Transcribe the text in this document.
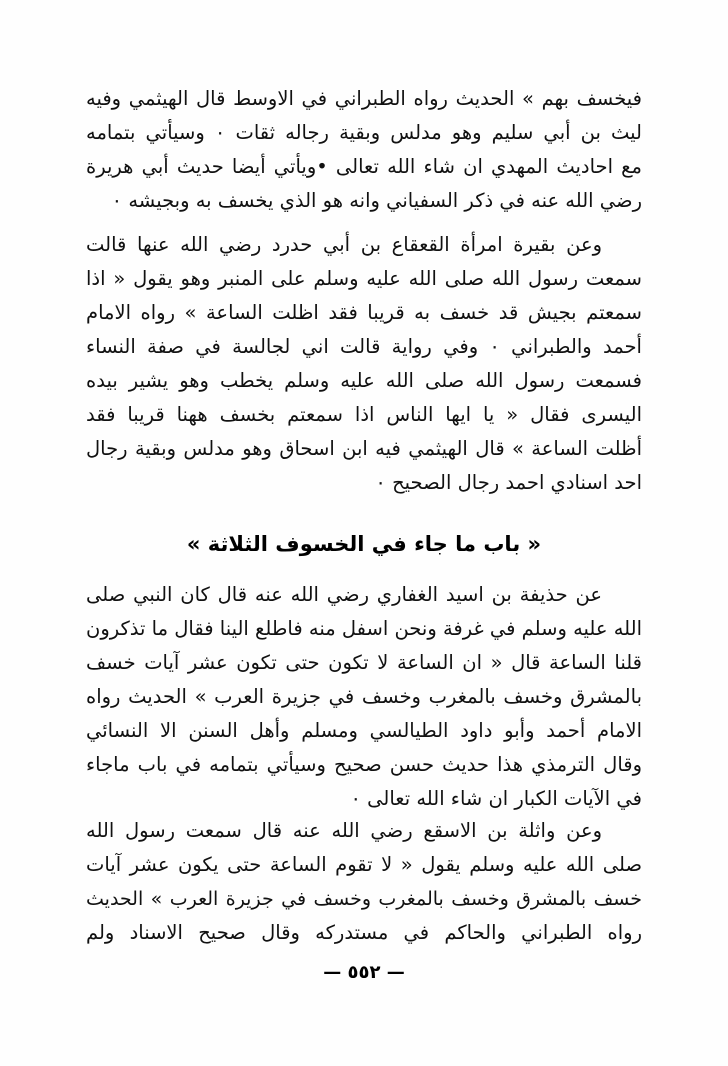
فيخسف بهم » الحديث رواه الطبراني في الاوسط قال الهيثمي وفيه
ليث بن أبي سليم وهو مدلس وبقية رجاله ثقات ٠ وسيأتي بتمامه
مع احاديث المهدي ان شاء الله تعالى •ويأتي أيضا حديث أبي هريرة
رضي الله عنه في ذكر السفياني وانه هو الذي يخسف به وبجيشه ٠
وعن بقيرة امرأة القعقاع بن أبي حدرد رضي الله عنها قالت
سمعت رسول الله صلى الله عليه وسلم على المنبر وهو يقول « اذا
سمعتم بجيش قد خسف به قريبا فقد اظلت الساعة » رواه الامام
أحمد والطبراني ٠ وفي رواية قالت اني لجالسة في صفة النساء
فسمعت رسول الله صلى الله عليه وسلم يخطب وهو يشير بيده
اليسرى فقال « يا ايها الناس اذا سمعتم بخسف ههنا قريبا فقد
أظلت الساعة » قال الهيثمي فيه ابن اسحاق وهو مدلس وبقية رجال
احد اسنادي احمد رجال الصحيح ٠
« باب ما جاء في الخسوف الثلاثة »
عن حذيفة بن اسيد الغفاري رضي الله عنه قال كان النبي صلى
الله عليه وسلم في غرفة ونحن اسفل منه فاطلع الينا فقال ما تذكرون
قلنا الساعة قال « ان الساعة لا تكون حتى تكون عشر آيات خسف
بالمشرق وخسف بالمغرب وخسف في جزيرة العرب » الحديث رواه
الامام أحمد وأبو داود الطيالسي ومسلم وأهل السنن الا النسائي
وقال الترمذي هذا حديث حسن صحيح وسيأتي بتمامه في باب ماجاء
في الآيات الكبار ان شاء الله تعالى ٠
وعن واثلة بن الاسقع رضي الله عنه قال سمعت رسول الله
صلى الله عليه وسلم يقول « لا تقوم الساعة حتى يكون عشر آيات
خسف بالمشرق وخسف بالمغرب وخسف في جزيرة العرب » الحديث
رواه الطبراني والحاكم في مستدركه وقال صحيح الاسناد ولم
— ٥٥٢ —
